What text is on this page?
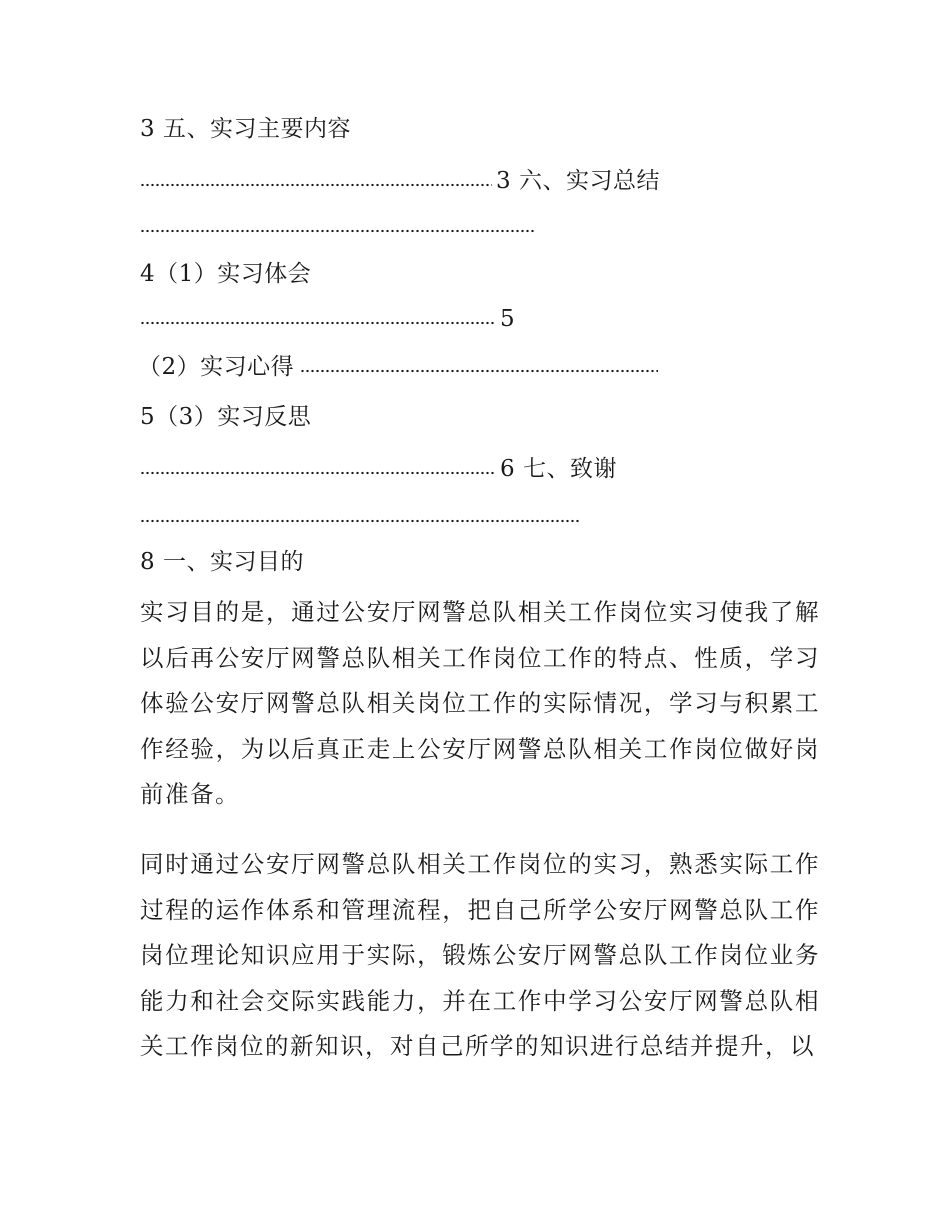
3 五、实习主要内容
3 六、实习总结
4（1）实习体会
5
（2）实习心得
5（3）实习反思
6 七、致谢
8 一、实习目的
实习目的是，通过公安厅网警总队相关工作岗位实习使我了解以后再公安厅网警总队相关工作岗位工作的特点、性质，学习体验公安厅网警总队相关岗位工作的实际情况，学习与积累工作经验，为以后真正走上公安厅网警总队相关工作岗位做好岗前准备。
同时通过公安厅网警总队相关工作岗位的实习，熟悉实际工作过程的运作体系和管理流程，把自己所学公安厅网警总队工作岗位理论知识应用于实际，锻炼公安厅网警总队工作岗位业务能力和社会交际实践能力，并在工作中学习公安厅网警总队相关工作岗位的新知识，对自己所学的知识进行总结并提升，以
